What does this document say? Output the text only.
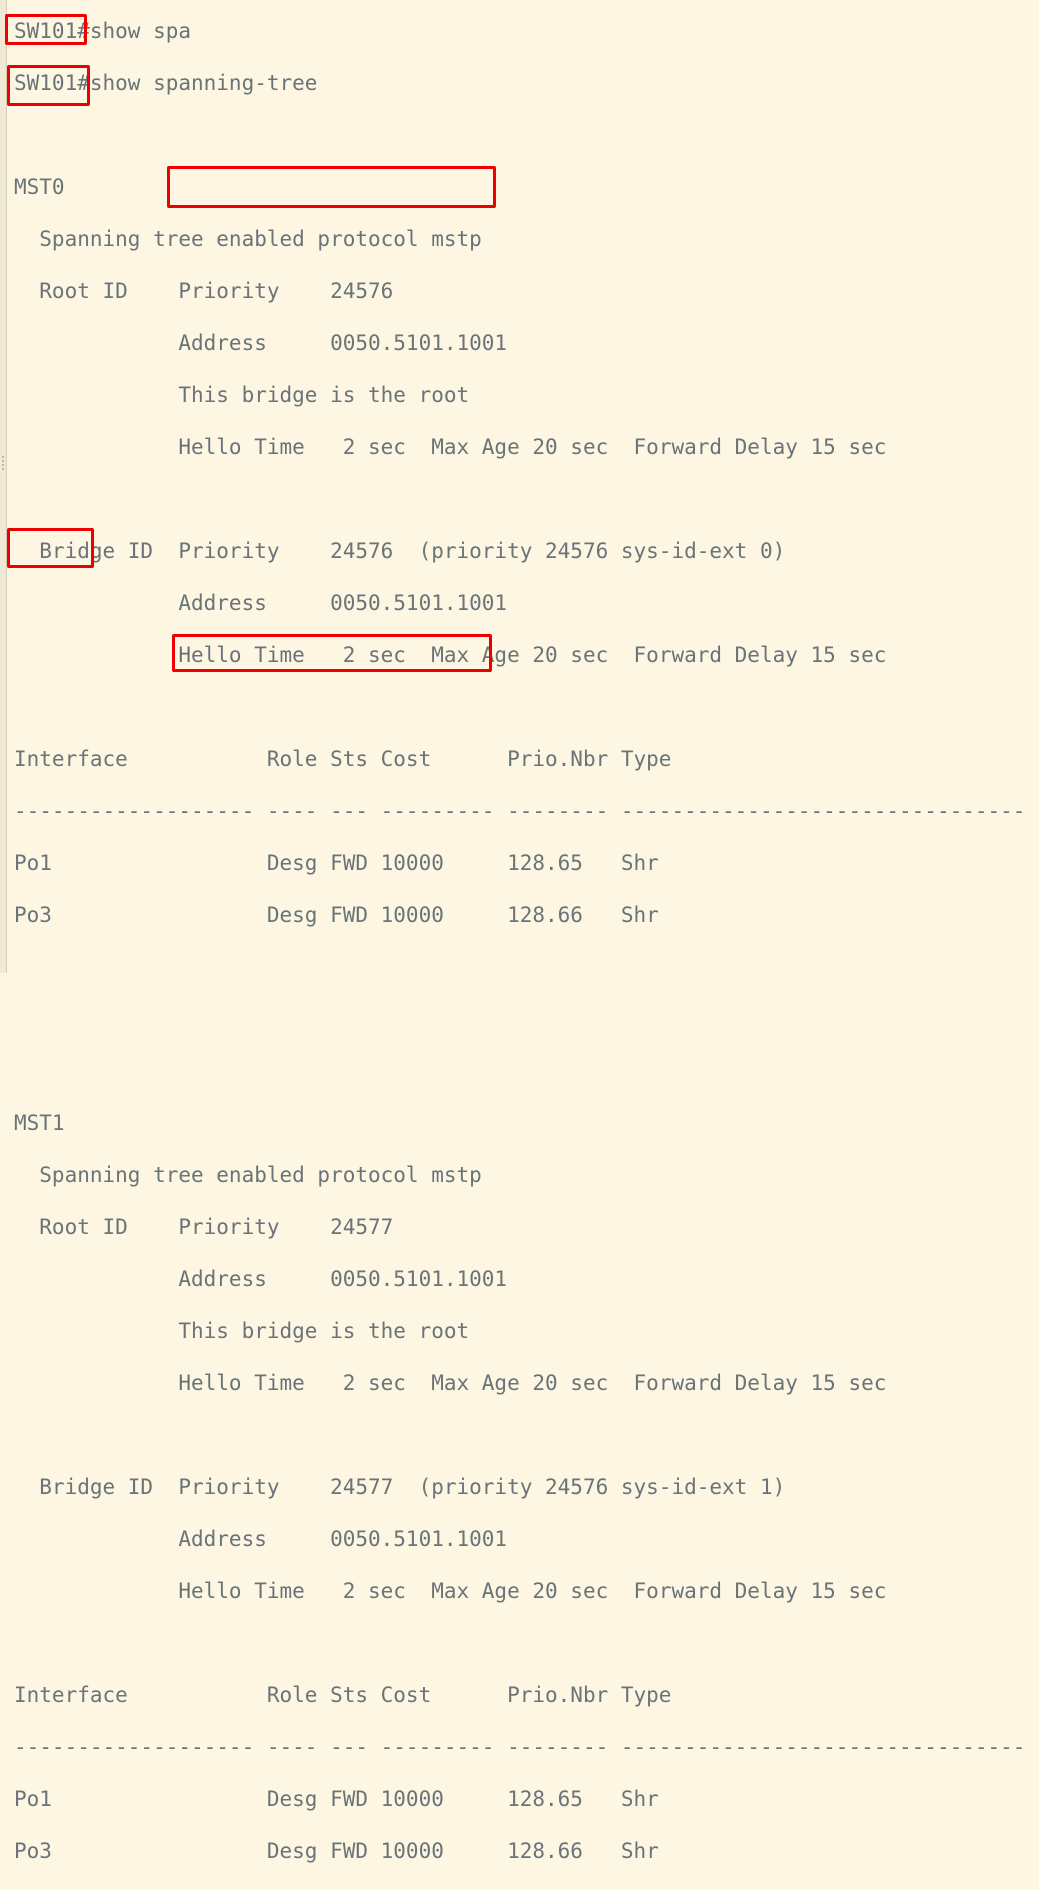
SW101#show spa

SW101#show spanning-tree

MST0

Spanning tree enabled protocol mstp

Root ID    Priority    24576

Address     0050.5101.1001

This bridge is the root

Hello Time   2 sec  Max Age 20 sec  Forward Delay 15 sec

Bridge ID  Priority    24576  (priority 24576 sys-id-ext 0)

Address     0050.5101.1001

Hello Time   2 sec  Max Age 20 sec  Forward Delay 15 sec

Interface           Role Sts Cost      Prio.Nbr Type

------------------- ---- --- --------- -------- --------------------------------

Po1                 Desg FWD 10000     128.65   Shr

Po3                 Desg FWD 10000     128.66   Shr

MST1

Spanning tree enabled protocol mstp

Root ID    Priority    24577

Address     0050.5101.1001

This bridge is the root

Hello Time   2 sec  Max Age 20 sec  Forward Delay 15 sec

Bridge ID  Priority    24577  (priority 24576 sys-id-ext 1)

Address     0050.5101.1001

Hello Time   2 sec  Max Age 20 sec  Forward Delay 15 sec

Interface           Role Sts Cost      Prio.Nbr Type

------------------- ---- --- --------- -------- --------------------------------

Po1                 Desg FWD 10000     128.65   Shr

Po3                 Desg FWD 10000     128.66   Shr
